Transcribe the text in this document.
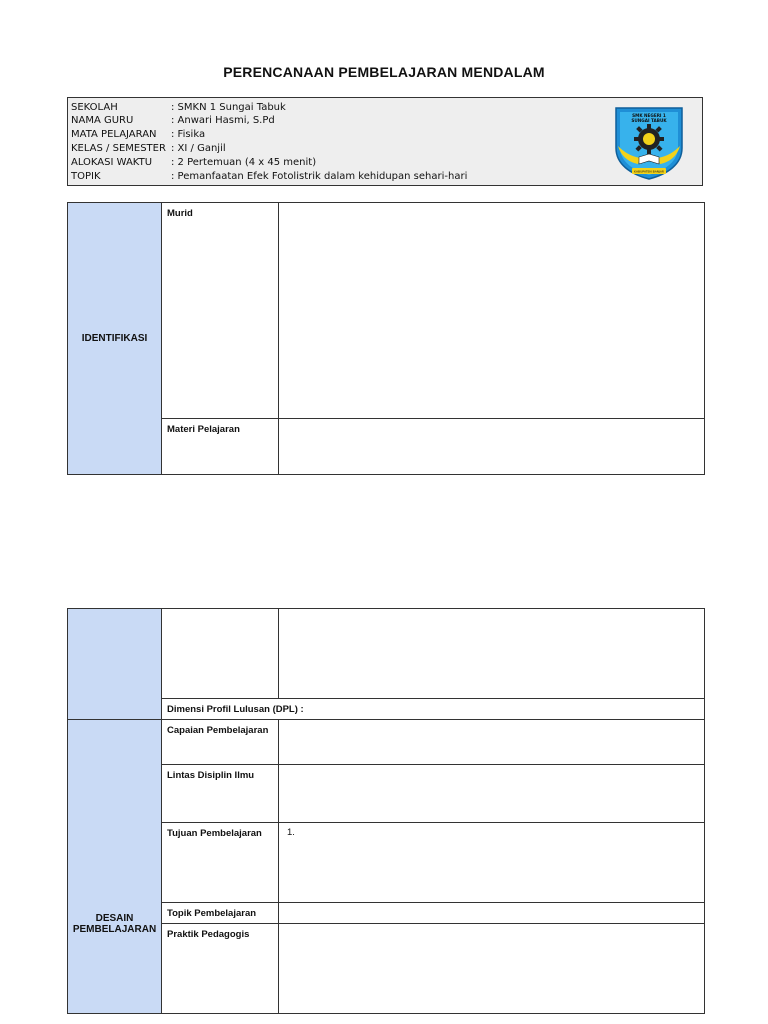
PERENCANAAN PEMBELAJARAN MENDALAM
SEKOLAH	: SMKN 1 Sungai Tabuk
NAMA GURU	: Anwari Hasmi, S.Pd
MATA PELAJARAN : Fisika
KELAS / SEMESTER : XI / Ganjil
ALOKASI WAKTU : 2 Pertemuan (4 x 45 menit)
TOPIK	: Pemanfaatan Efek Fotolistrik dalam kehidupan sehari-hari
SMK NEGERI 1
SUNGAI TABUK
KABUPATEN BANJAR
IDENTIFIKASI	Murid	
	Materi Pelajaran	

	Dimensi Profil Lulusan (DPL) :	
DESAIN PEMBELAJARAN	Capaian Pembelajaran	
	Lintas Disiplin Ilmu	
	Tujuan Pembelajaran	1.
	Topik Pembelajaran	
	Praktik Pedagogis	
